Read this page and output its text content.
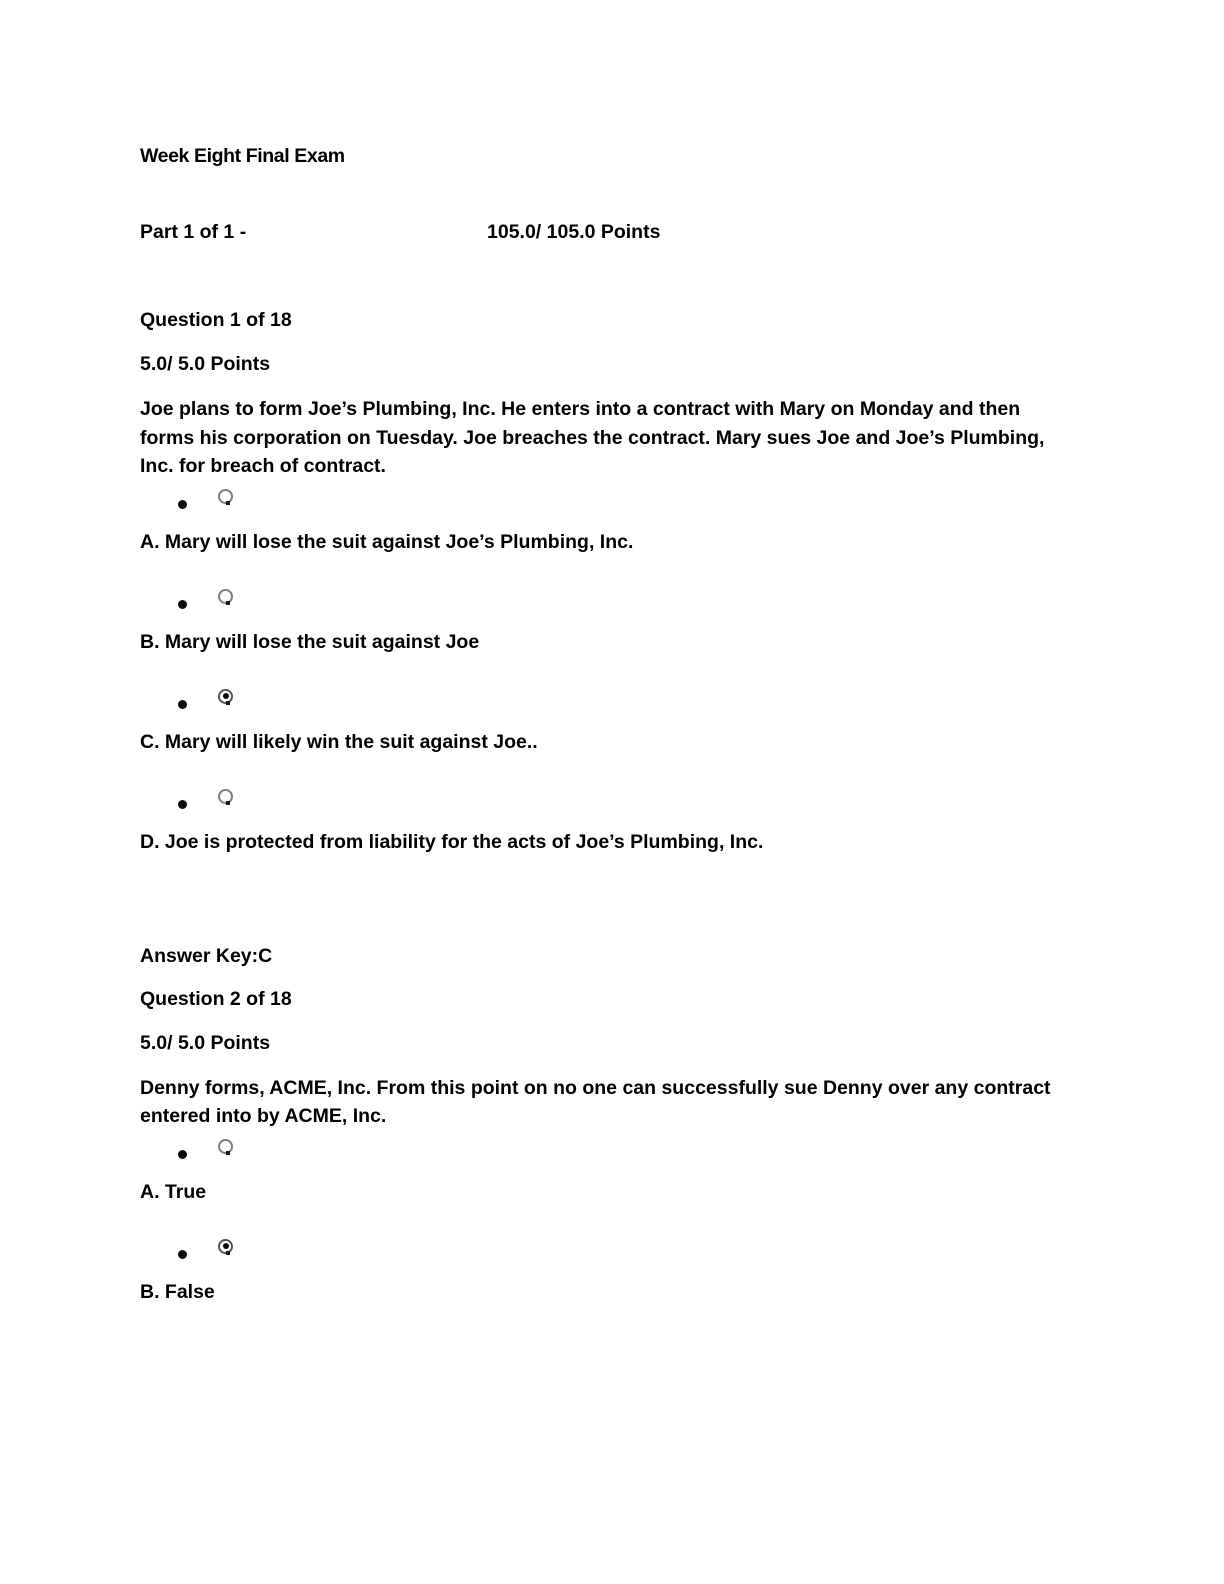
Week Eight Final Exam
Part 1 of 1 -	105.0/ 105.0 Points
Question 1 of 18
5.0/ 5.0 Points
Joe plans to form Joe’s Plumbing, Inc. He enters into a contract with Mary on Monday and then forms his corporation on Tuesday. Joe breaches the contract. Mary sues Joe and Joe’s Plumbing, Inc. for breach of contract.
A. Mary will lose the suit against Joe’s Plumbing, Inc.
B. Mary will lose the suit against Joe
C. Mary will likely win the suit against Joe..
D. Joe is protected from liability for the acts of Joe’s Plumbing, Inc.
Answer Key:C
Question 2 of 18
5.0/ 5.0 Points
Denny forms, ACME, Inc. From this point on no one can successfully sue Denny over any contract entered into by ACME, Inc.
A. True
B. False
